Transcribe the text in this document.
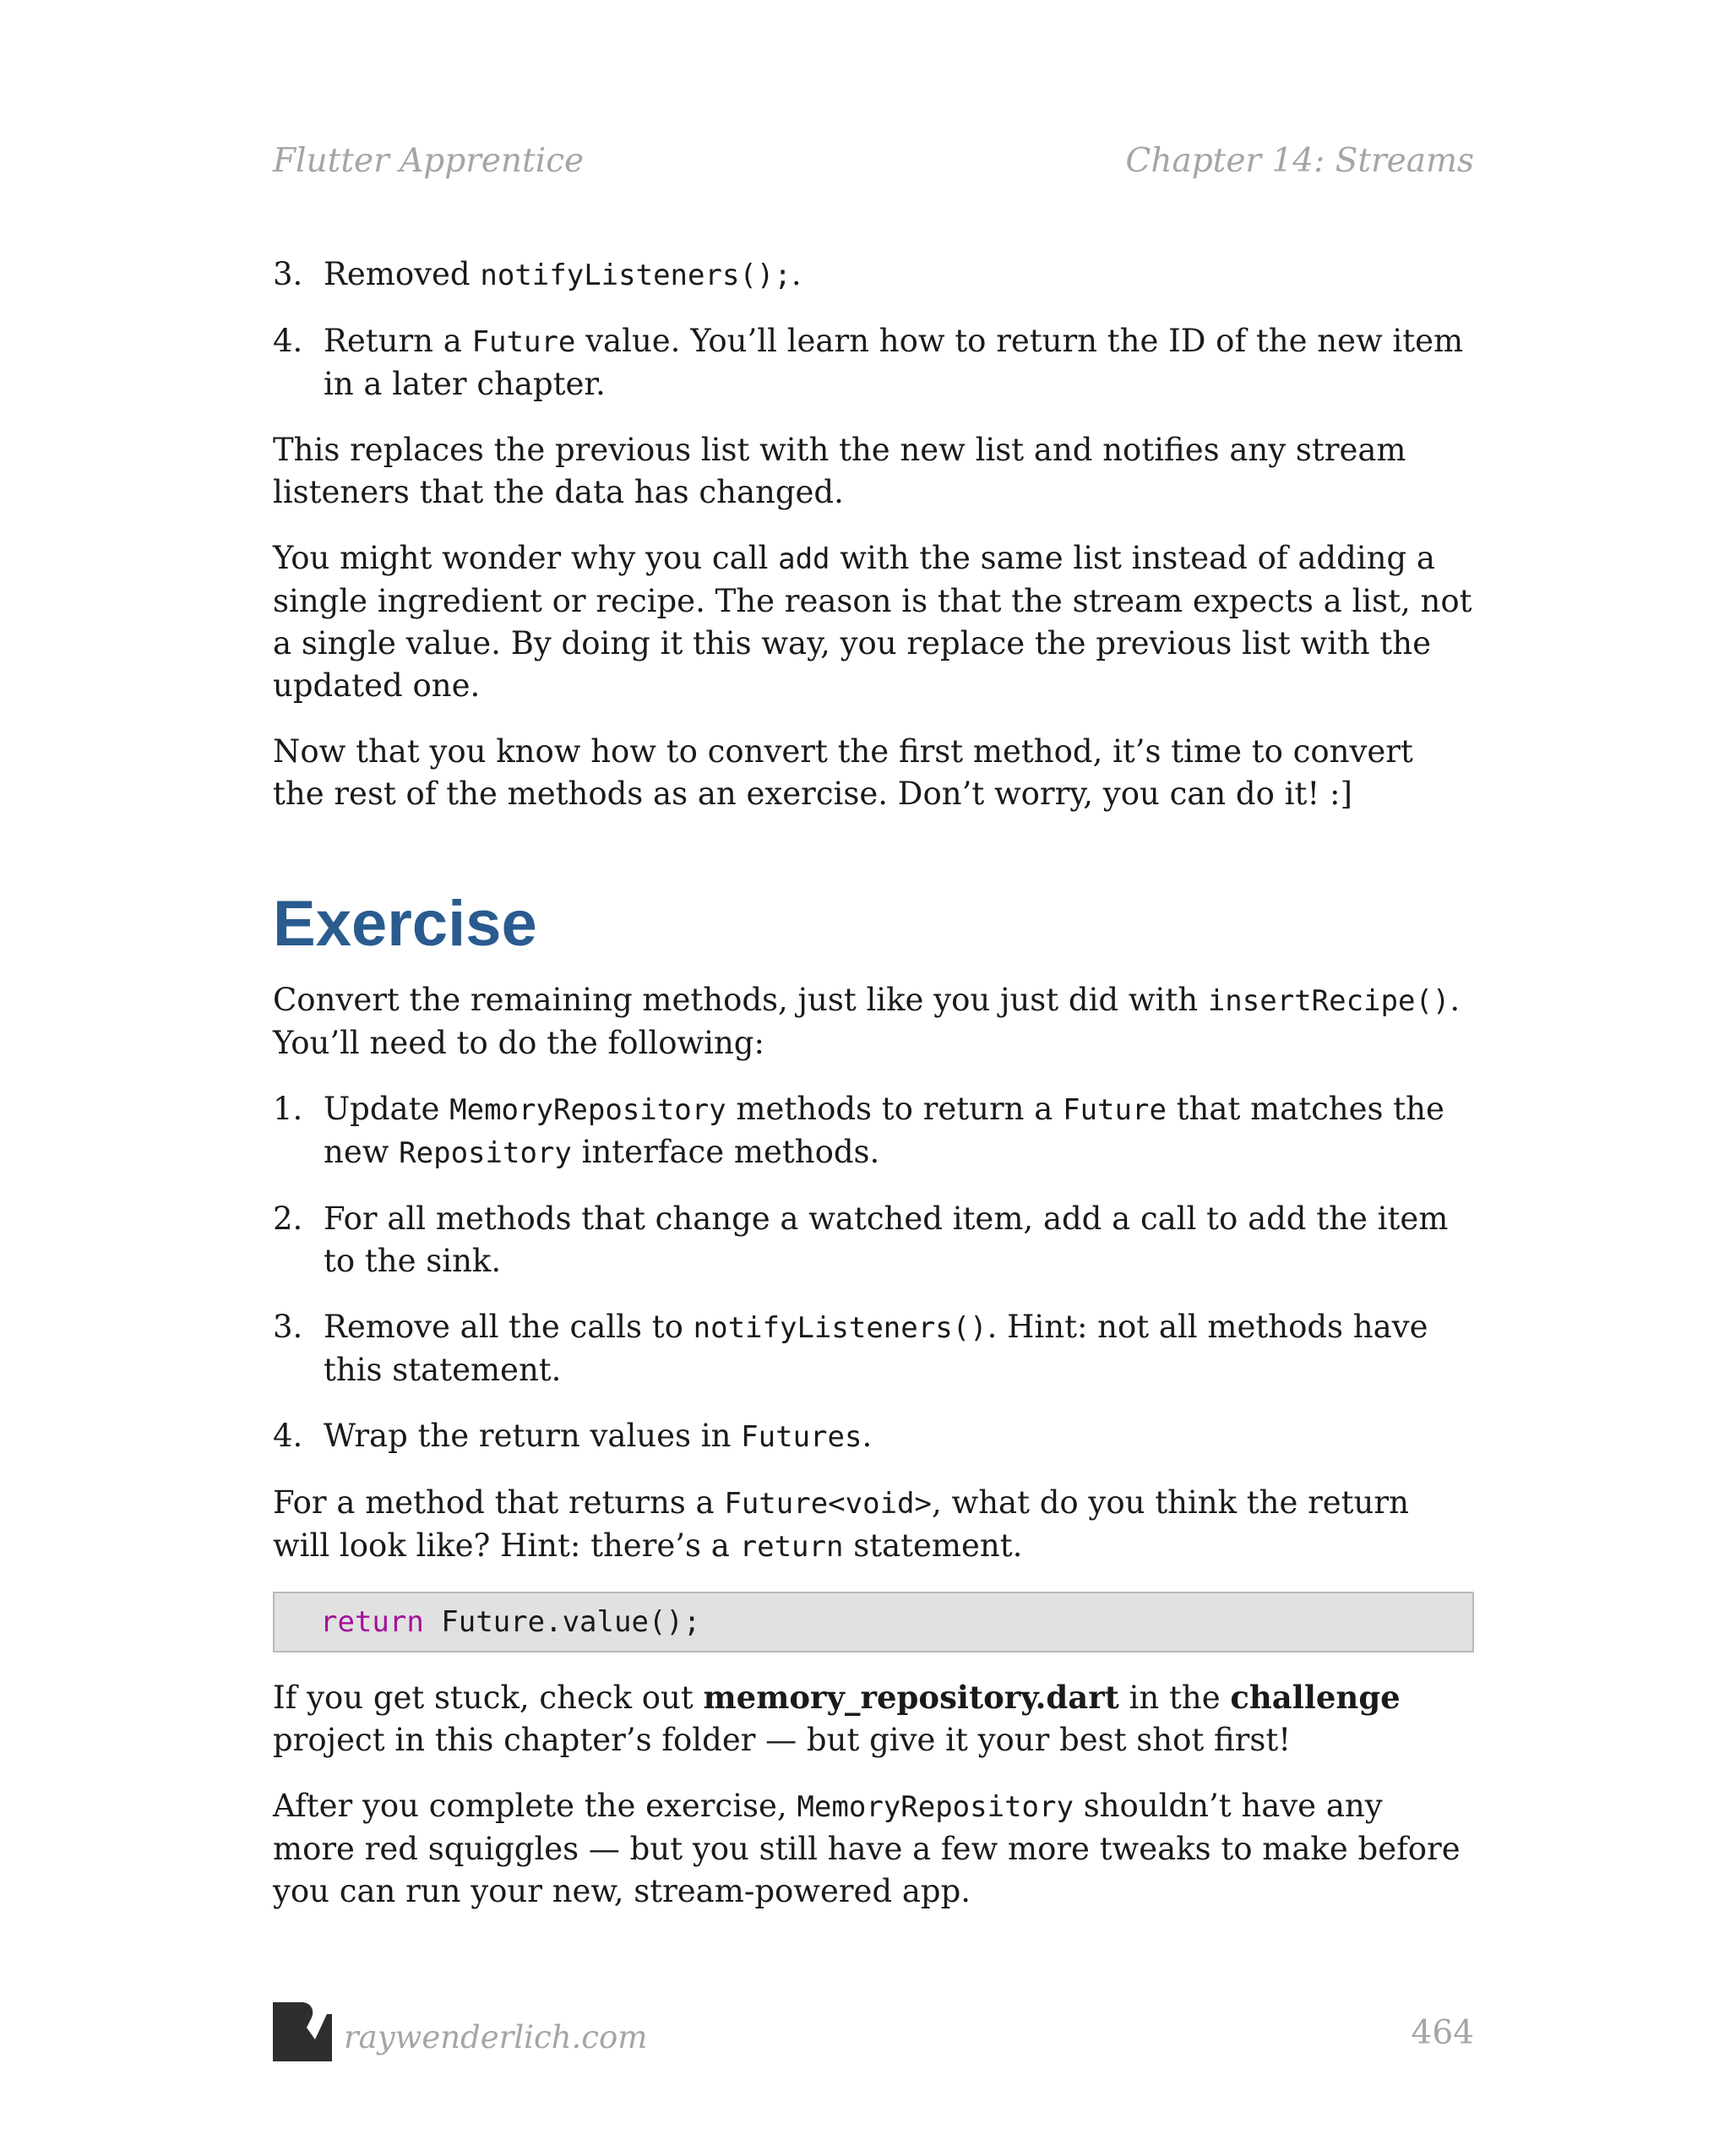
Flutter Apprentice	Chapter 14: Streams
3. Removed notifyListeners();.
4. Return a Future value. You’ll learn how to return the ID of the new item in a later chapter.

This replaces the previous list with the new list and notifies any stream listeners that the data has changed.

You might wonder why you call add with the same list instead of adding a single ingredient or recipe. The reason is that the stream expects a list, not a single value. By doing it this way, you replace the previous list with the updated one.

Now that you know how to convert the first method, it’s time to convert the rest of the methods as an exercise. Don’t worry, you can do it! :]

Exercise

Convert the remaining methods, just like you just did with insertRecipe(). You’ll need to do the following:

1. Update MemoryRepository methods to return a Future that matches the new Repository interface methods.
2. For all methods that change a watched item, add a call to add the item to the sink.
3. Remove all the calls to notifyListeners(). Hint: not all methods have this statement.
4. Wrap the return values in Futures.

For a method that returns a Future<void>, what do you think the return will look like? Hint: there’s a return statement.

return Future.value();

If you get stuck, check out memory_repository.dart in the challenge project in this chapter’s folder — but give it your best shot first!

After you complete the exercise, MemoryRepository shouldn’t have any more red squiggles — but you still have a few more tweaks to make before you can run your new, stream-powered app.

raywenderlich.com	464
